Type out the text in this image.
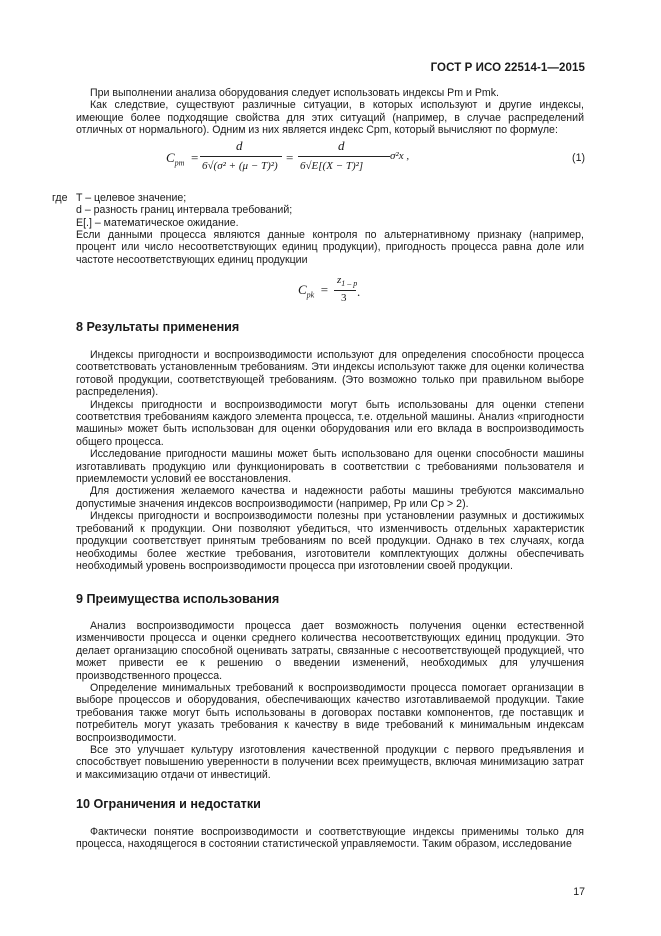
ГОСТ Р ИСО 22514-1—2015

При выполнении анализа оборудования следует использовать индексы Pm и Pmk.

Как следствие, существуют различные ситуации, в которых используют и другие индексы, имеющие более подходящие свойства для этих ситуаций (например, в случае распределений отличных от нормального). Одним из них является индекс Cpm, который вычисляют по формуле:

$C_{pm}$  =
d
6√(σ² + (μ − T)²)
=
d
6√E[(X − T)²]
σ²x ,	(1)
где T – целевое значение;
d – разность границ интервала требований;
E[.] – математическое ожидание.

Если данными процесса являются данные контроля по альтернативному признаку (например, процент или число несоответствующих единиц продукции), пригодность процесса равна доле или частоте несоответствующих единиц продукции

$C_{pk}$  =
$z_{1 - p}$
3 .
8 Результаты применения

Индексы пригодности и воспроизводимости используют для определения способности процесса соответствовать установленным требованиям. Эти индексы используют также для оценки количества готовой продукции, соответствующей требованиям. (Это возможно только при правильном выборе распределения).

Индексы пригодности и воспроизводимости могут быть использованы для оценки степени соответствия требованиям каждого элемента процесса, т.е. отдельной машины. Анализ «пригодности машины» может быть использован для оценки оборудования или его вклада в воспроизводимость общего процесса.

Исследование пригодности машины может быть использовано для оценки способности машины изготавливать продукцию или функционировать в соответствии с требованиями пользователя и приемлемости условий ее восстановления.

Для достижения желаемого качества и надежности работы машины требуются максимально допустимые значения индексов воспроизводимости (например, Pp или Cp > 2).

Индексы пригодности и воспроизводимости полезны при установлении разумных и достижимых требований к продукции. Они позволяют убедиться, что изменчивость отдельных характеристик продукции соответствует принятым требованиям по всей продукции. Однако в тех случаях, когда необходимы более жесткие требования, изготовители комплектующих должны обеспечивать необходимый уровень воспроизводимости процесса при изготовлении своей продукции.

9 Преимущества использования

Анализ воспроизводимости процесса дает возможность получения оценки естественной изменчивости процесса и оценки среднего количества несоответствующих единиц продукции. Это делает организацию способной оценивать затраты, связанные с несоответствующей продукцией, что может привести ее к решению о введении изменений, необходимых для улучшения производственного процесса.

Определение минимальных требований к воспроизводимости процесса помогает организации в выборе процессов и оборудования, обеспечивающих качество изготавливаемой продукции. Такие требования также могут быть использованы в договорах поставки компонентов, где поставщик и потребитель могут указать требования к качеству в виде требований к минимальным индексам воспроизводимости.

Все это улучшает культуру изготовления качественной продукции с первого предъявления и способствует повышению уверенности в получении всех преимуществ, включая минимизацию затрат и максимизацию отдачи от инвестиций.

10 Ограничения и недостатки

Фактически понятие воспроизводимости и соответствующие индексы применимы только для процесса, находящегося в состоянии статистической управляемости. Таким образом, исследование

17
